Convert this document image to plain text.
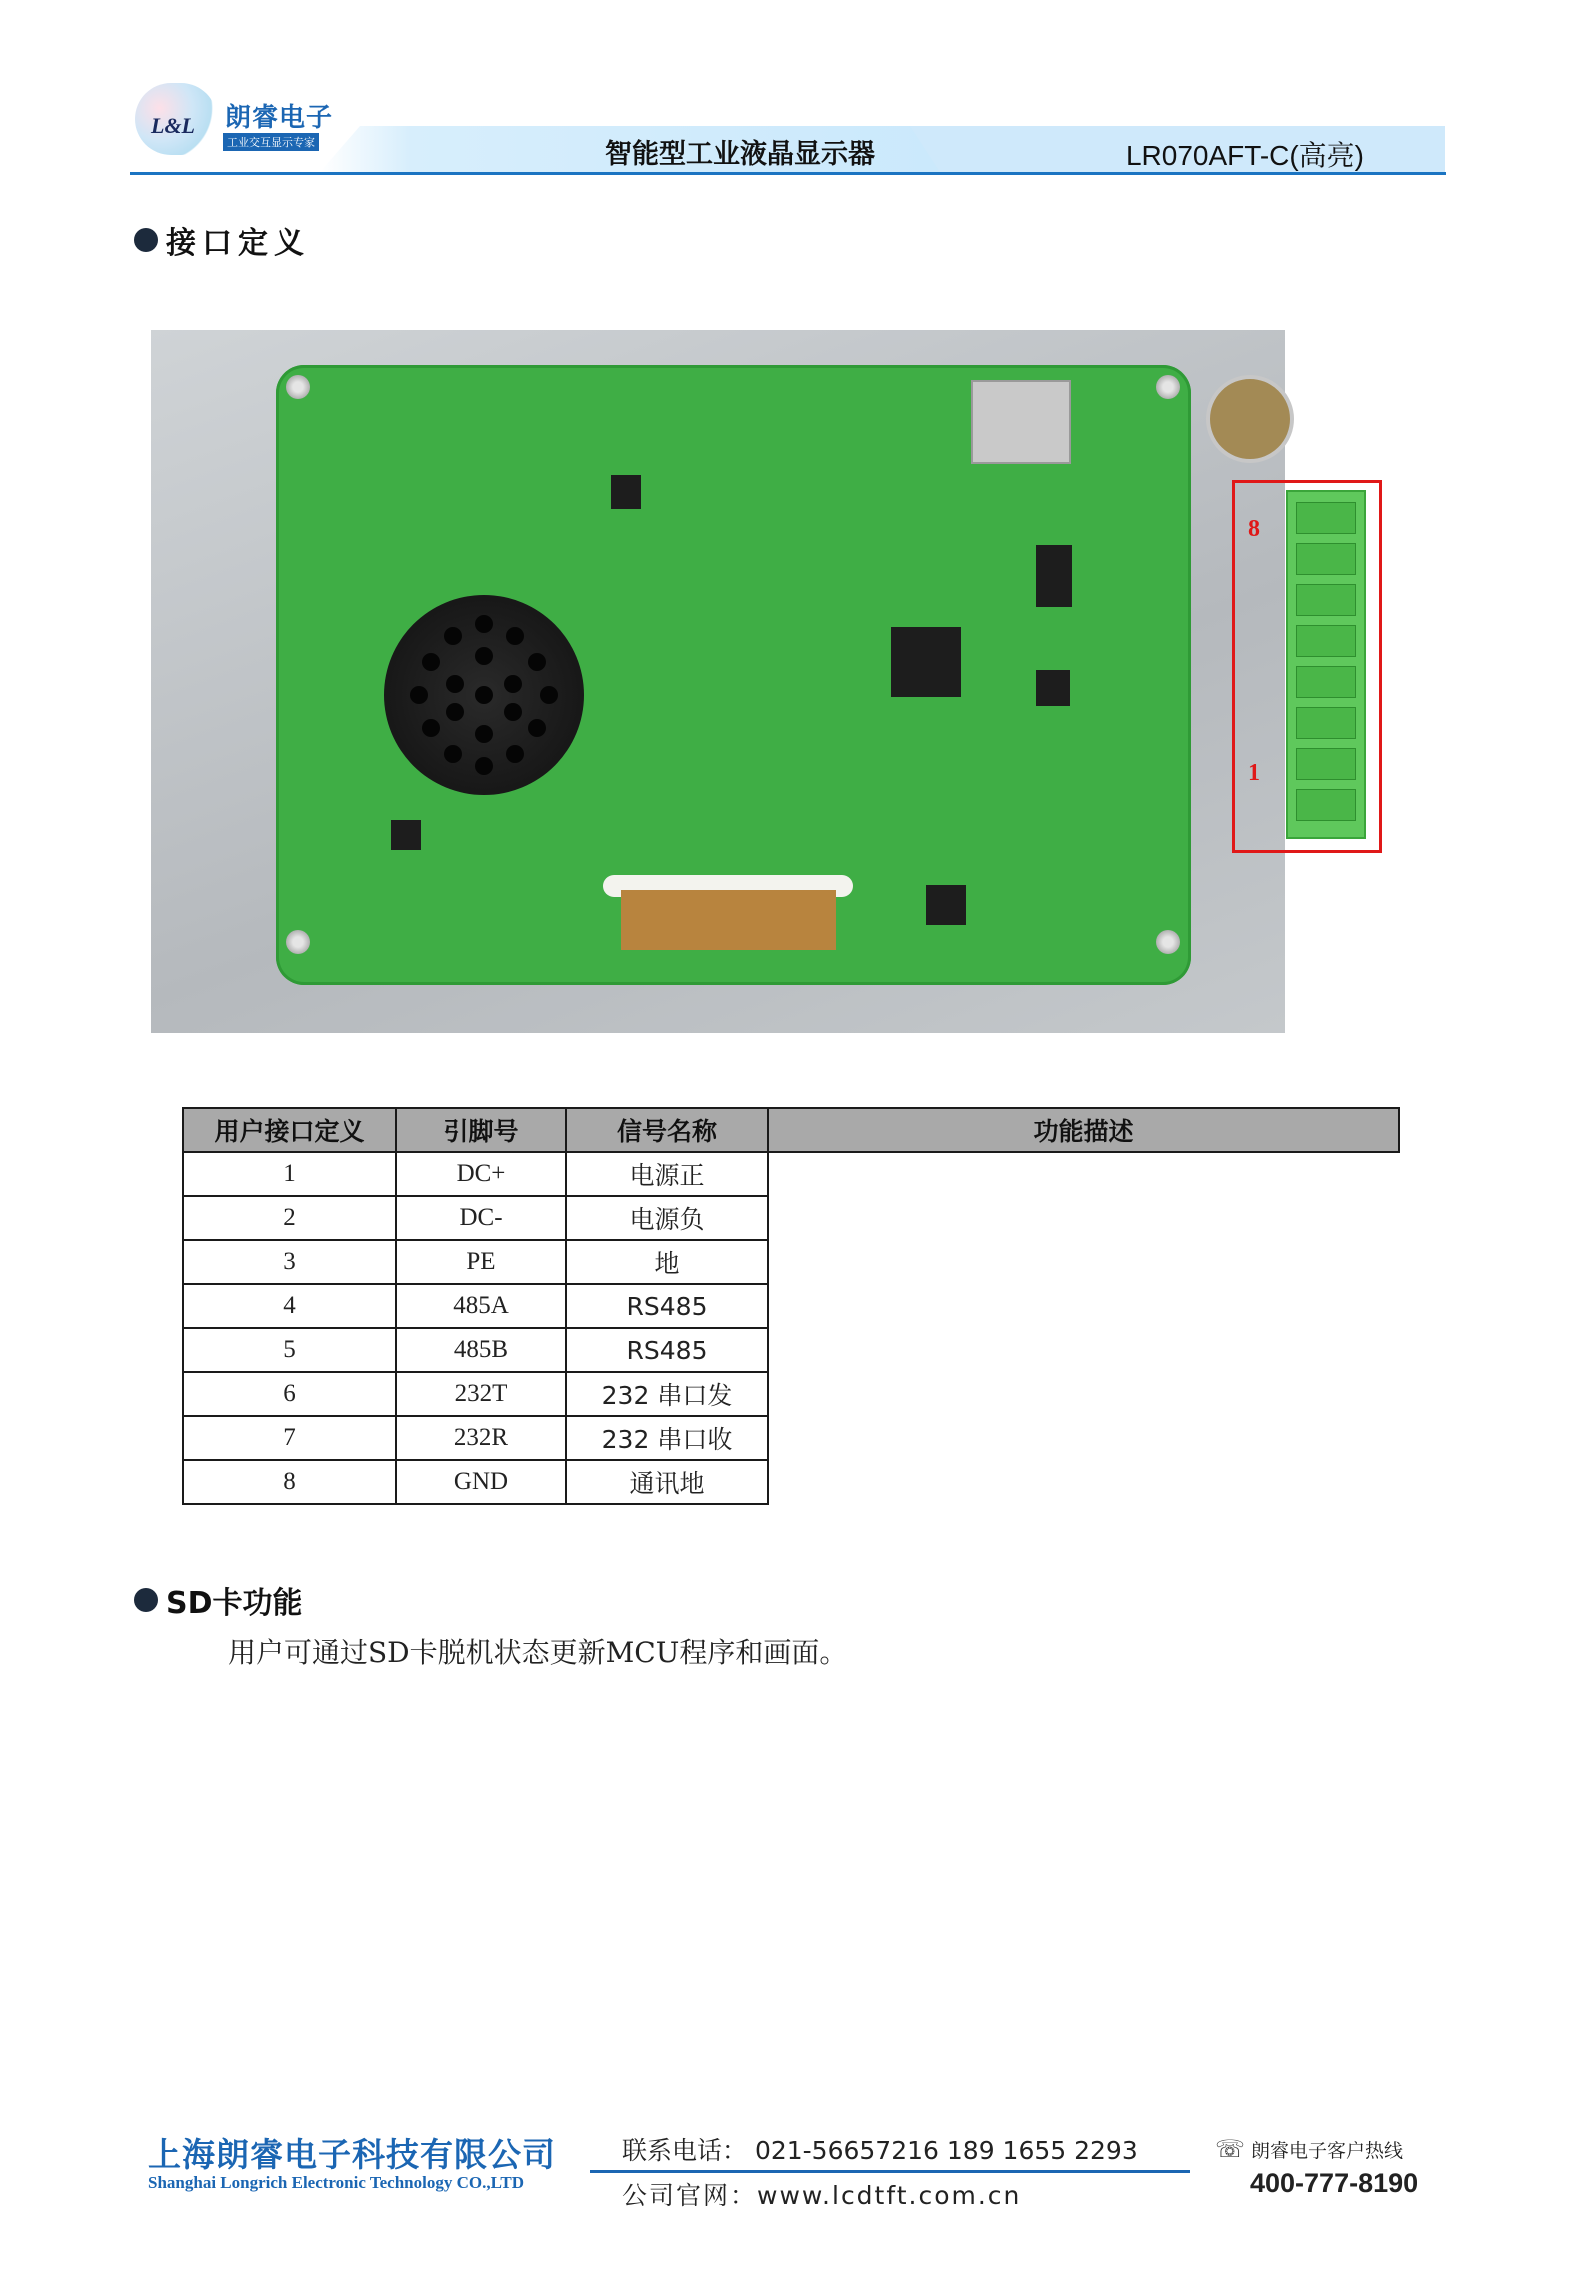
L&L 朗睿电子
工业交互显示专家	智能型工业液晶显示器	LR070AFT-C(高亮)
接口定义
8
1
用户接口定义	引脚号	信号名称	功能描述
1	DC+	电源正	
2	DC-	电源负	
3	PE	地	
4	485A	RS485	
5	485B	RS485	
6	232T	232 串口发	
7	232R	232 串口收	
8	GND	通讯地	
SD卡功能
用户可通过SD卡脱机状态更新MCU程序和画面。
上海朗睿电子科技有限公司
Shanghai Longrich Electronic Technology CO.,LTD
联系电话： 021-56657216 189 1655 2293
公司官网：www.lcdtft.com.cn
☏ 朗睿电子客户热线
400-777-8190
